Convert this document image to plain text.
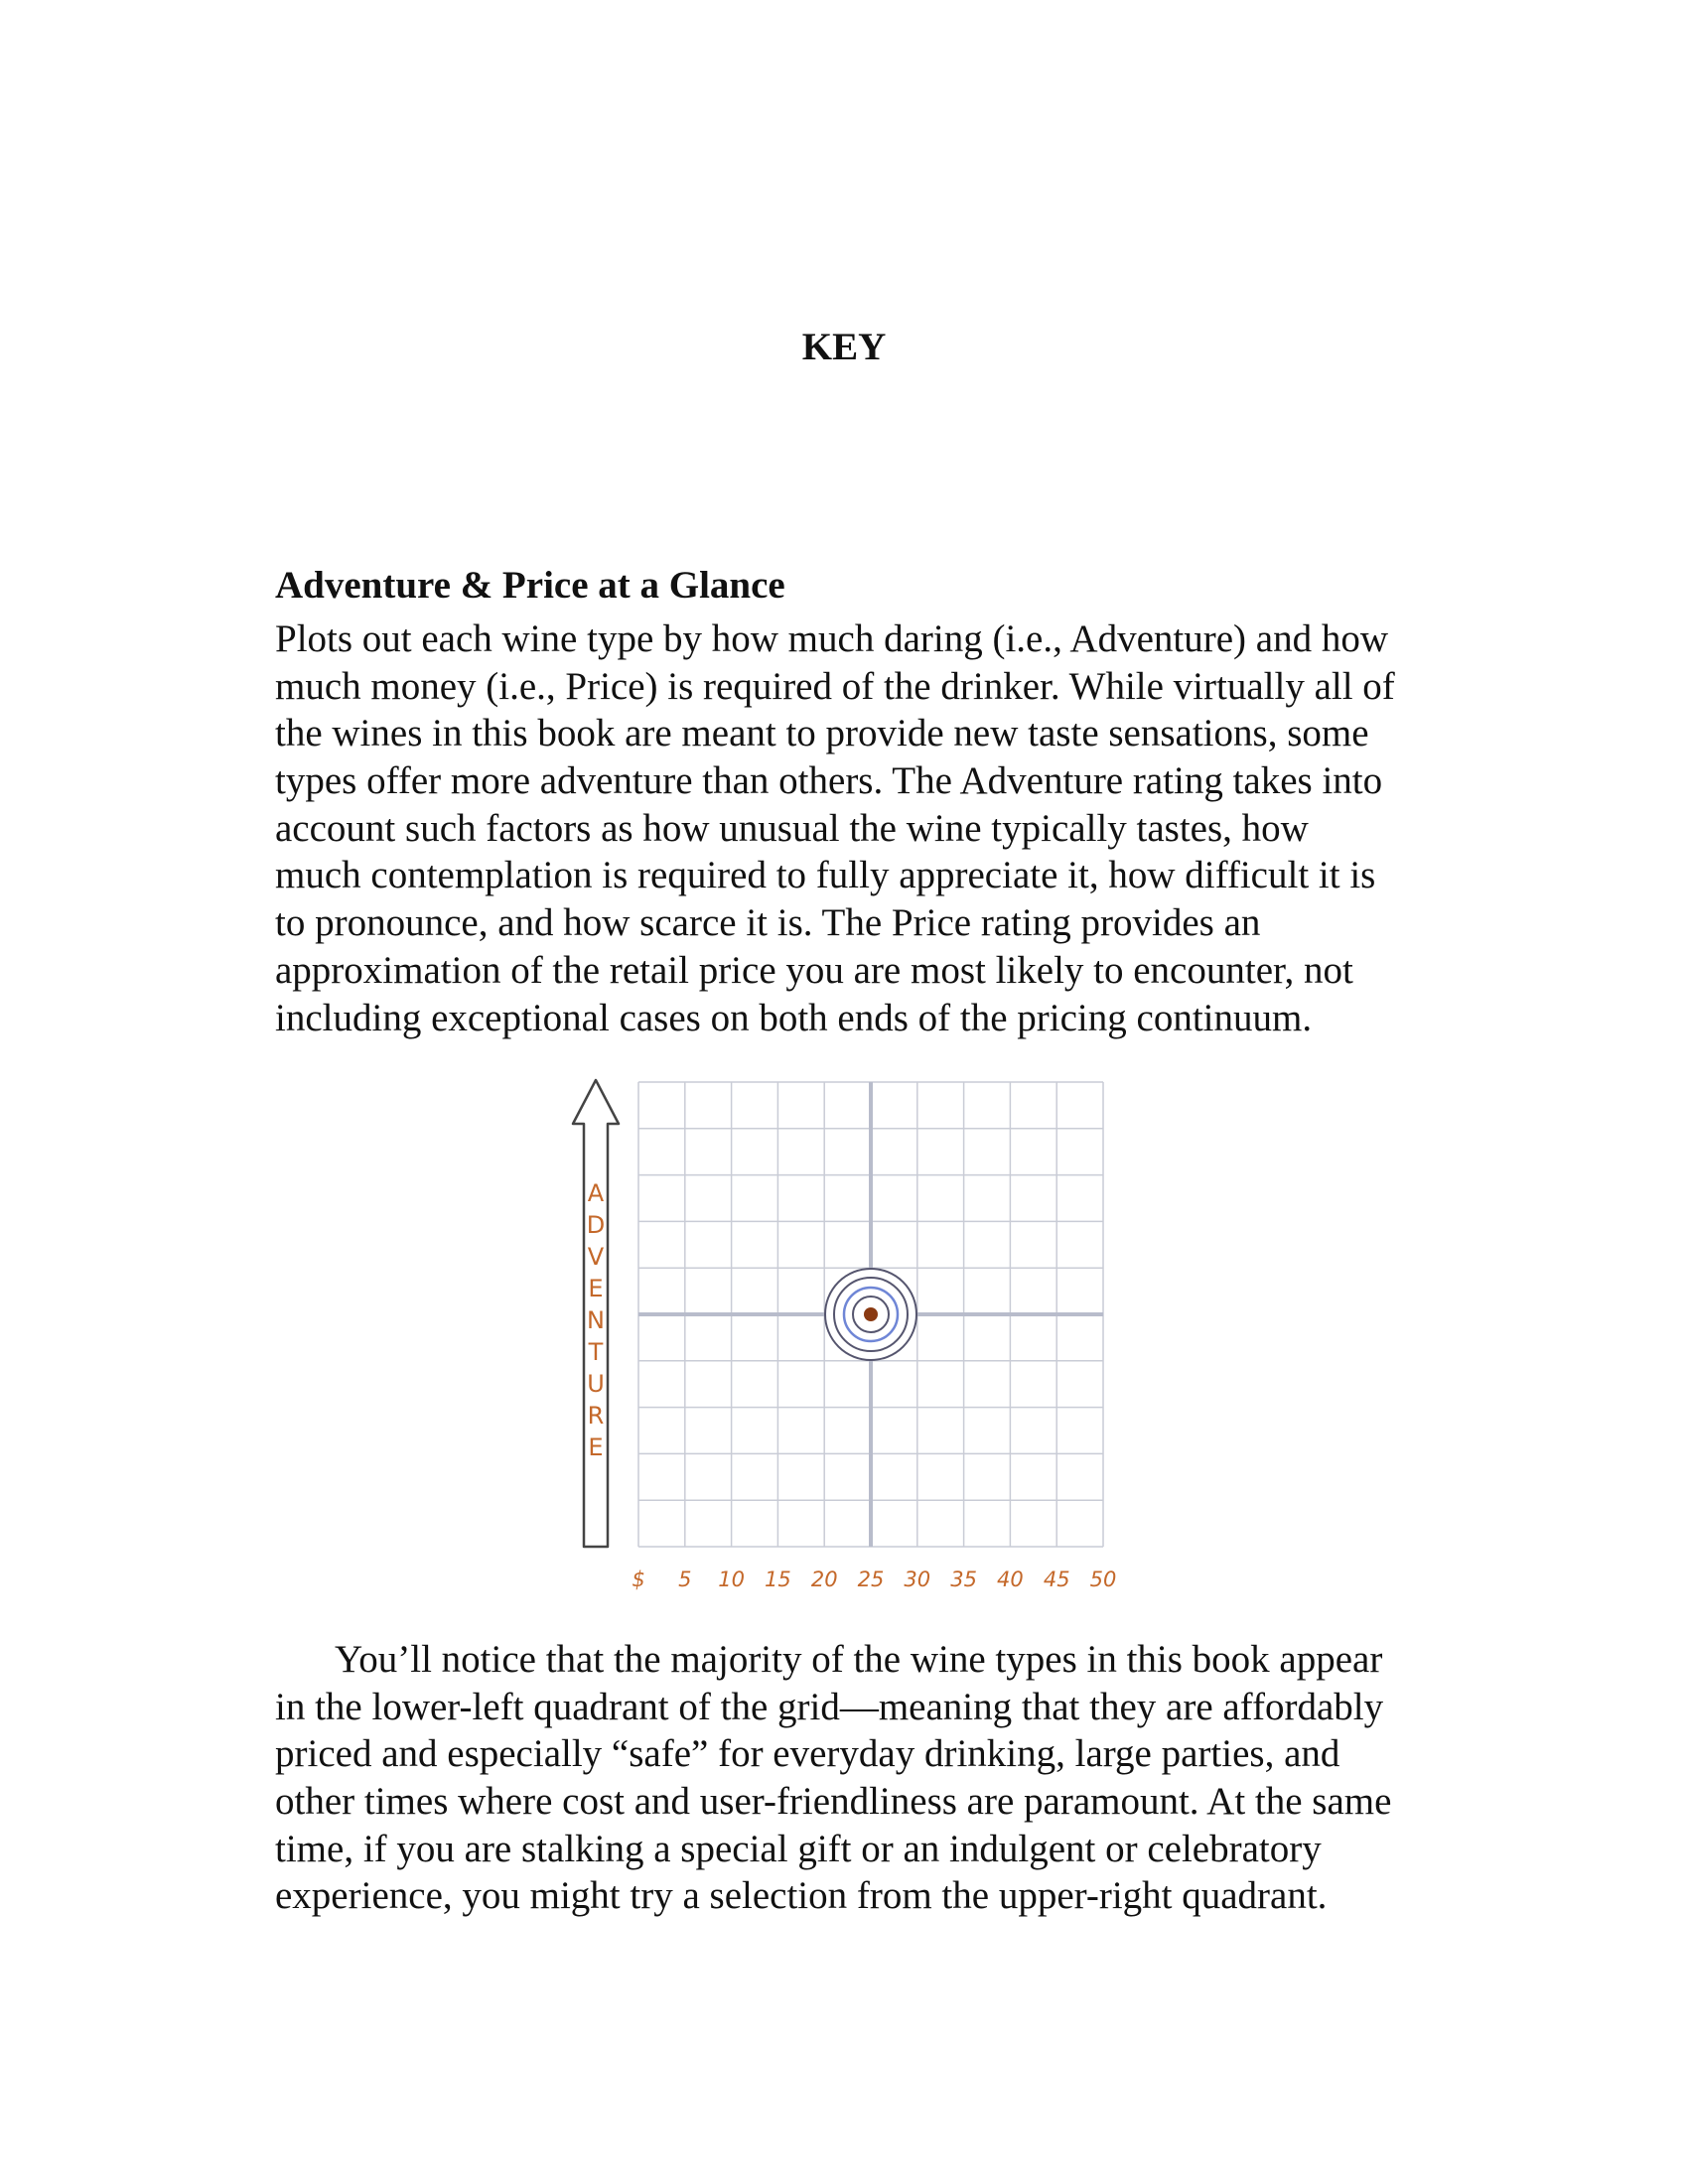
KEY
Adventure & Price at a Glance
Plots out each wine type by how much daring (i.e., Adventure) and how
much money (i.e., Price) is required of the drinker. While virtually all of
the wines in this book are meant to provide new taste sensations, some
types offer more adventure than others. The Adventure rating takes into
account such factors as how unusual the wine typically tastes, how
much contemplation is required to fully appreciate it, how difficult it is
to pronounce, and how scarce it is. The Price rating provides an
approximation of the retail price you are most likely to encounter, not
including exceptional cases on both ends of the pricing continuum.
A
D
V
E
N
T
U
R
E
$ 5 10 15 20 25 30 35 40 45 50
You’ll notice that the majority of the wine types in this book appear
in the lower-left quadrant of the grid—meaning that they are affordably
priced and especially “safe” for everyday drinking, large parties, and
other times where cost and user-friendliness are paramount. At the same
time, if you are stalking a special gift or an indulgent or celebratory
experience, you might try a selection from the upper-right quadrant.
